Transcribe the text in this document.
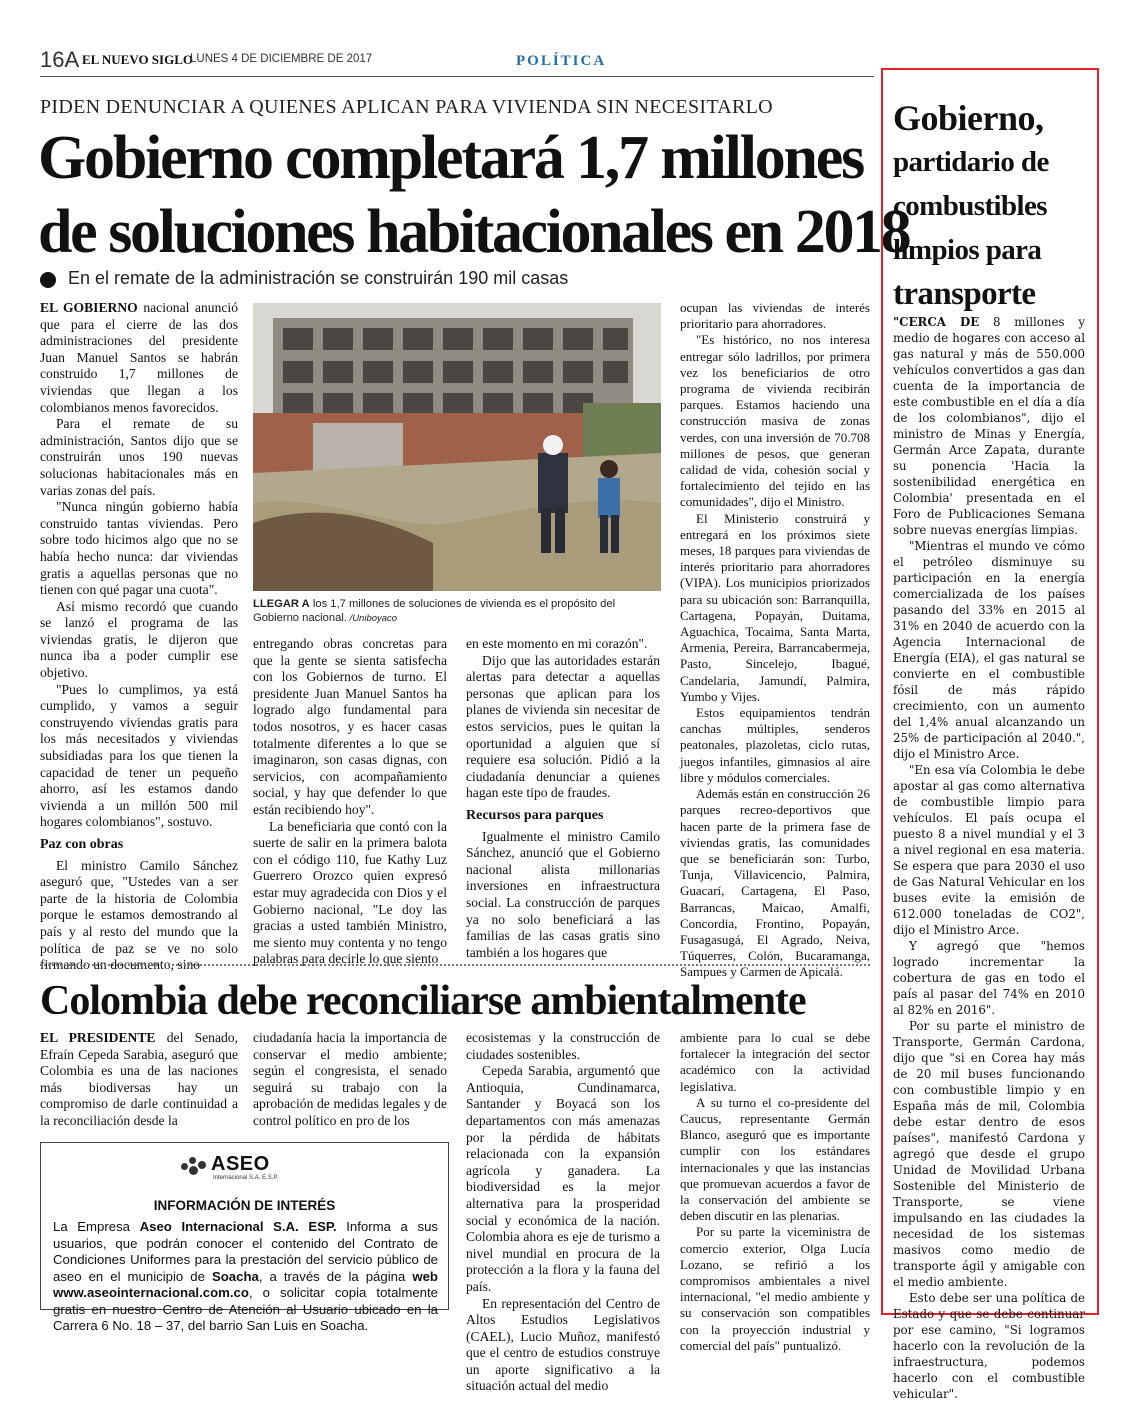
16A EL NUEVO SIGLO
LUNES 4 DE DICIEMBRE DE 2017	POLÍTICA
PIDEN DENUNCIAR A QUIENES APLICAN PARA VIVIENDA SIN NECESITARLO
Gobierno completará 1,7 millones
de soluciones habitacionales en 2018
En el remate de la administración se construirán 190 mil casas
LLEGAR A los 1,7 millones de soluciones de vivienda es el propósito del Gobierno nacional. /Uniboyaco

EL GOBIERNO nacional anunció que para el cierre de las dos administraciones del presidente Juan Manuel Santos se habrán construido 1,7 millones de viviendas que llegan a los colombianos menos favorecidos.

Para el remate de su administración, Santos dijo que se construirán unos 190 nuevas solucionas habitacionales más en varias zonas del país.

"Nunca ningún gobierno había construido tantas viviendas. Pero sobre todo hicimos algo que no se había hecho nunca: dar viviendas gratis a aquellas personas que no tienen con qué pagar una cuota".

Así mismo recordó que cuando se lanzó el programa de las viviendas gratis, le dijeron que nunca iba a poder cumplir ese objetivo.

"Pues lo cumplimos, ya está cumplido, y vamos a seguir construyendo viviendas gratis para los más necesitados y viviendas subsidiadas para los que tienen la capacidad de tener un pequeño ahorro, así les estamos dando vivienda a un millón 500 mil hogares colombianos", sostuvo.

Paz con obras

El ministro Camilo Sánchez aseguró que, "Ustedes van a ser parte de la historia de Colombia porque le estamos demostrando al país y al resto del mundo que la política de paz se ve no solo firmando un documento, sino

entregando obras concretas para que la gente se sienta satisfecha con los Gobiernos de turno. El presidente Juan Manuel Santos ha logrado algo fundamental para todos nosotros, y es hacer casas totalmente diferentes a lo que se imaginaron, son casas dignas, con servicios, con acompañamiento social, y hay que defender lo que están recibiendo hoy".

La beneficiaria que contó con la suerte de salir en la primera balota con el código 110, fue Kathy Luz Guerrero Orozco quien expresó estar muy agradecida con Dios y el Gobierno nacional, "Le doy las gracias a usted también Ministro, me siento muy contenta y no tengo palabras para decirle lo que siento

en este momento en mi corazón".

Dijo que las autoridades estarán alertas para detectar a aquellas personas que aplican para los planes de vivienda sin necesitar de estos servicios, pues le quitan la oportunidad a alguien que sí requiere esa solución. Pidió a la ciudadanía denunciar a quienes hagan este tipo de fraudes.

Recursos para parques

Igualmente el ministro Camilo Sánchez, anunció que el Gobierno nacional alista millonarias inversiones en infraestructura social. La construcción de parques ya no solo beneficiará a las familias de las casas gratis sino también a los hogares que

ocupan las viviendas de interés prioritario para ahorradores.

"Es histórico, no nos interesa entregar sólo ladrillos, por primera vez los beneficiarios de otro programa de vivienda recibirán parques. Estamos haciendo una construcción masiva de zonas verdes, con una inversión de 70.708 millones de pesos, que generan calidad de vida, cohesión social y fortalecimiento del tejido en las comunidades", dijo el Ministro.

El Ministerio construirá y entregará en los próximos siete meses, 18 parques para viviendas de interés prioritario para ahorradores (VIPA). Los municipios priorizados para su ubicación son: Barranquilla, Cartagena, Popayán, Duitama, Aguachica, Tocaima, Santa Marta, Armenia, Pereira, Barrancabermeja, Pasto, Sincelejo, Ibagué, Candelaria, Jamundí, Palmira, Yumbo y Vijes.

Estos equipamientos tendrán canchas múltiples, senderos peatonales, plazoletas, ciclo rutas, juegos infantiles, gimnasios al aire libre y módulos comerciales.

Además están en construcción 26 parques recreo-deportivos que hacen parte de la primera fase de viviendas gratis, las comunidades que se beneficiarán son: Turbo, Tunja, Villavicencio, Palmira, Guacarí, Cartagena, El Paso, Barrancas, Maicao, Amalfi, Concordia, Frontino, Popayán, Fusagasugá, El Agrado, Neiva, Túquerres, Colón, Bucaramanga, Sampues y Carmen de Apicalá.

Colombia debe reconciliarse ambientalmente

EL PRESIDENTE del Senado, Efraín Cepeda Sarabia, aseguró que Colombia es una de las naciones más biodiversas hay un compromiso de darle continuidad a la reconciliación desde la

ciudadanía hacia la importancia de conservar el medio ambiente; según el congresista, el senado seguirá su trabajo con la aprobación de medidas legales y de control político en pro de los

ecosistemas y la construcción de ciudades sostenibles.

Cepeda Sarabia, argumentó que Antioquia, Cundinamarca, Santander y Boyacá son los departamentos con más amenazas por la pérdida de hábitats relacionada con la expansión agrícola y ganadera. La biodiversidad es la mejor alternativa para la prosperidad social y económica de la nación. Colombia ahora es eje de turismo a nivel mundial en procura de la protección a la flora y la fauna del país.

En representación del Centro de Altos Estudios Legislativos (CAEL), Lucio Muñoz, manifestó que el centro de estudios construye un aporte significativo a la situación actual del medio

ambiente para lo cual se debe fortalecer la integración del sector académico con la actividad legislativa.

A su turno el co-presidente del Caucus, representante Germán Blanco, aseguró que es importante cumplir con los estándares internacionales y que las instancias que promuevan acuerdos a favor de la conservación del ambiente se deben discutir en las plenarias.

Por su parte la viceministra de comercio exterior, Olga Lucía Lozano, se refirió a los compromisos ambientales a nivel internacional, "el medio ambiente y su conservación son compatibles con la proyección industrial y comercial del país" puntualizó.

ASEO
Internacional S.A. E.S.P.
INFORMACIÓN DE INTERÉS
La Empresa Aseo Internacional S.A. ESP. Informa a sus usuarios, que podrán conocer el contenido del Contrato de Condiciones Uniformes para la prestación del servicio público de aseo en el municipio de Soacha, a través de la página web www.aseointernacional.com.co, o solicitar copia totalmente gratis en nuestro Centro de Atención al Usuario ubicado en la Carrera 6 No. 18 – 37, del barrio San Luis en Soacha.
Gobierno,
partidario de
combustibles
limpios para
transporte

"CERCA DE 8 millones y medio de hogares con acceso al gas natural y más de 550.000 vehículos convertidos a gas dan cuenta de la importancia de este combustible en el día a día de los colombianos", dijo el ministro de Minas y Energía, Germán Arce Zapata, durante su ponencia 'Hacia la sostenibilidad energética en Colombia' presentada en el Foro de Publicaciones Semana sobre nuevas energías limpias.

"Mientras el mundo ve cómo el petróleo disminuye su participación en la energía comercializada de los países pasando del 33% en 2015 al 31% en 2040 de acuerdo con la Agencia Internacional de Energía (EIA), el gas natural se convierte en el combustible fósil de más rápido crecimiento, con un aumento del 1,4% anual alcanzando un 25% de participación al 2040.", dijo el Ministro Arce.

"En esa vía Colombia le debe apostar al gas como alternativa de combustible limpio para vehículos. El país ocupa el puesto 8 a nivel mundial y el 3 a nivel regional en esa materia. Se espera que para 2030 el uso de Gas Natural Vehicular en los buses evite la emisión de 612.000 toneladas de CO2", dijo el Ministro Arce.

Y agregó que "hemos logrado incrementar la cobertura de gas en todo el país al pasar del 74% en 2010 al 82% en 2016".

Por su parte el ministro de Transporte, Germán Cardona, dijo que "si en Corea hay más de 20 mil buses funcionando con combustible limpio y en España más de mil, Colombia debe estar dentro de esos países", manifestó Cardona y agregó que desde el grupo Unidad de Movilidad Urbana Sostenible del Ministerio de Transporte, se viene impulsando en las ciudades la necesidad de los sistemas masivos como medio de transporte ágil y amigable con el medio ambiente.

Esto debe ser una política de Estado y que se debe continuar por ese camino, "Si logramos hacerlo con la revolución de la infraestructura, podemos hacerlo con el combustible vehicular".
